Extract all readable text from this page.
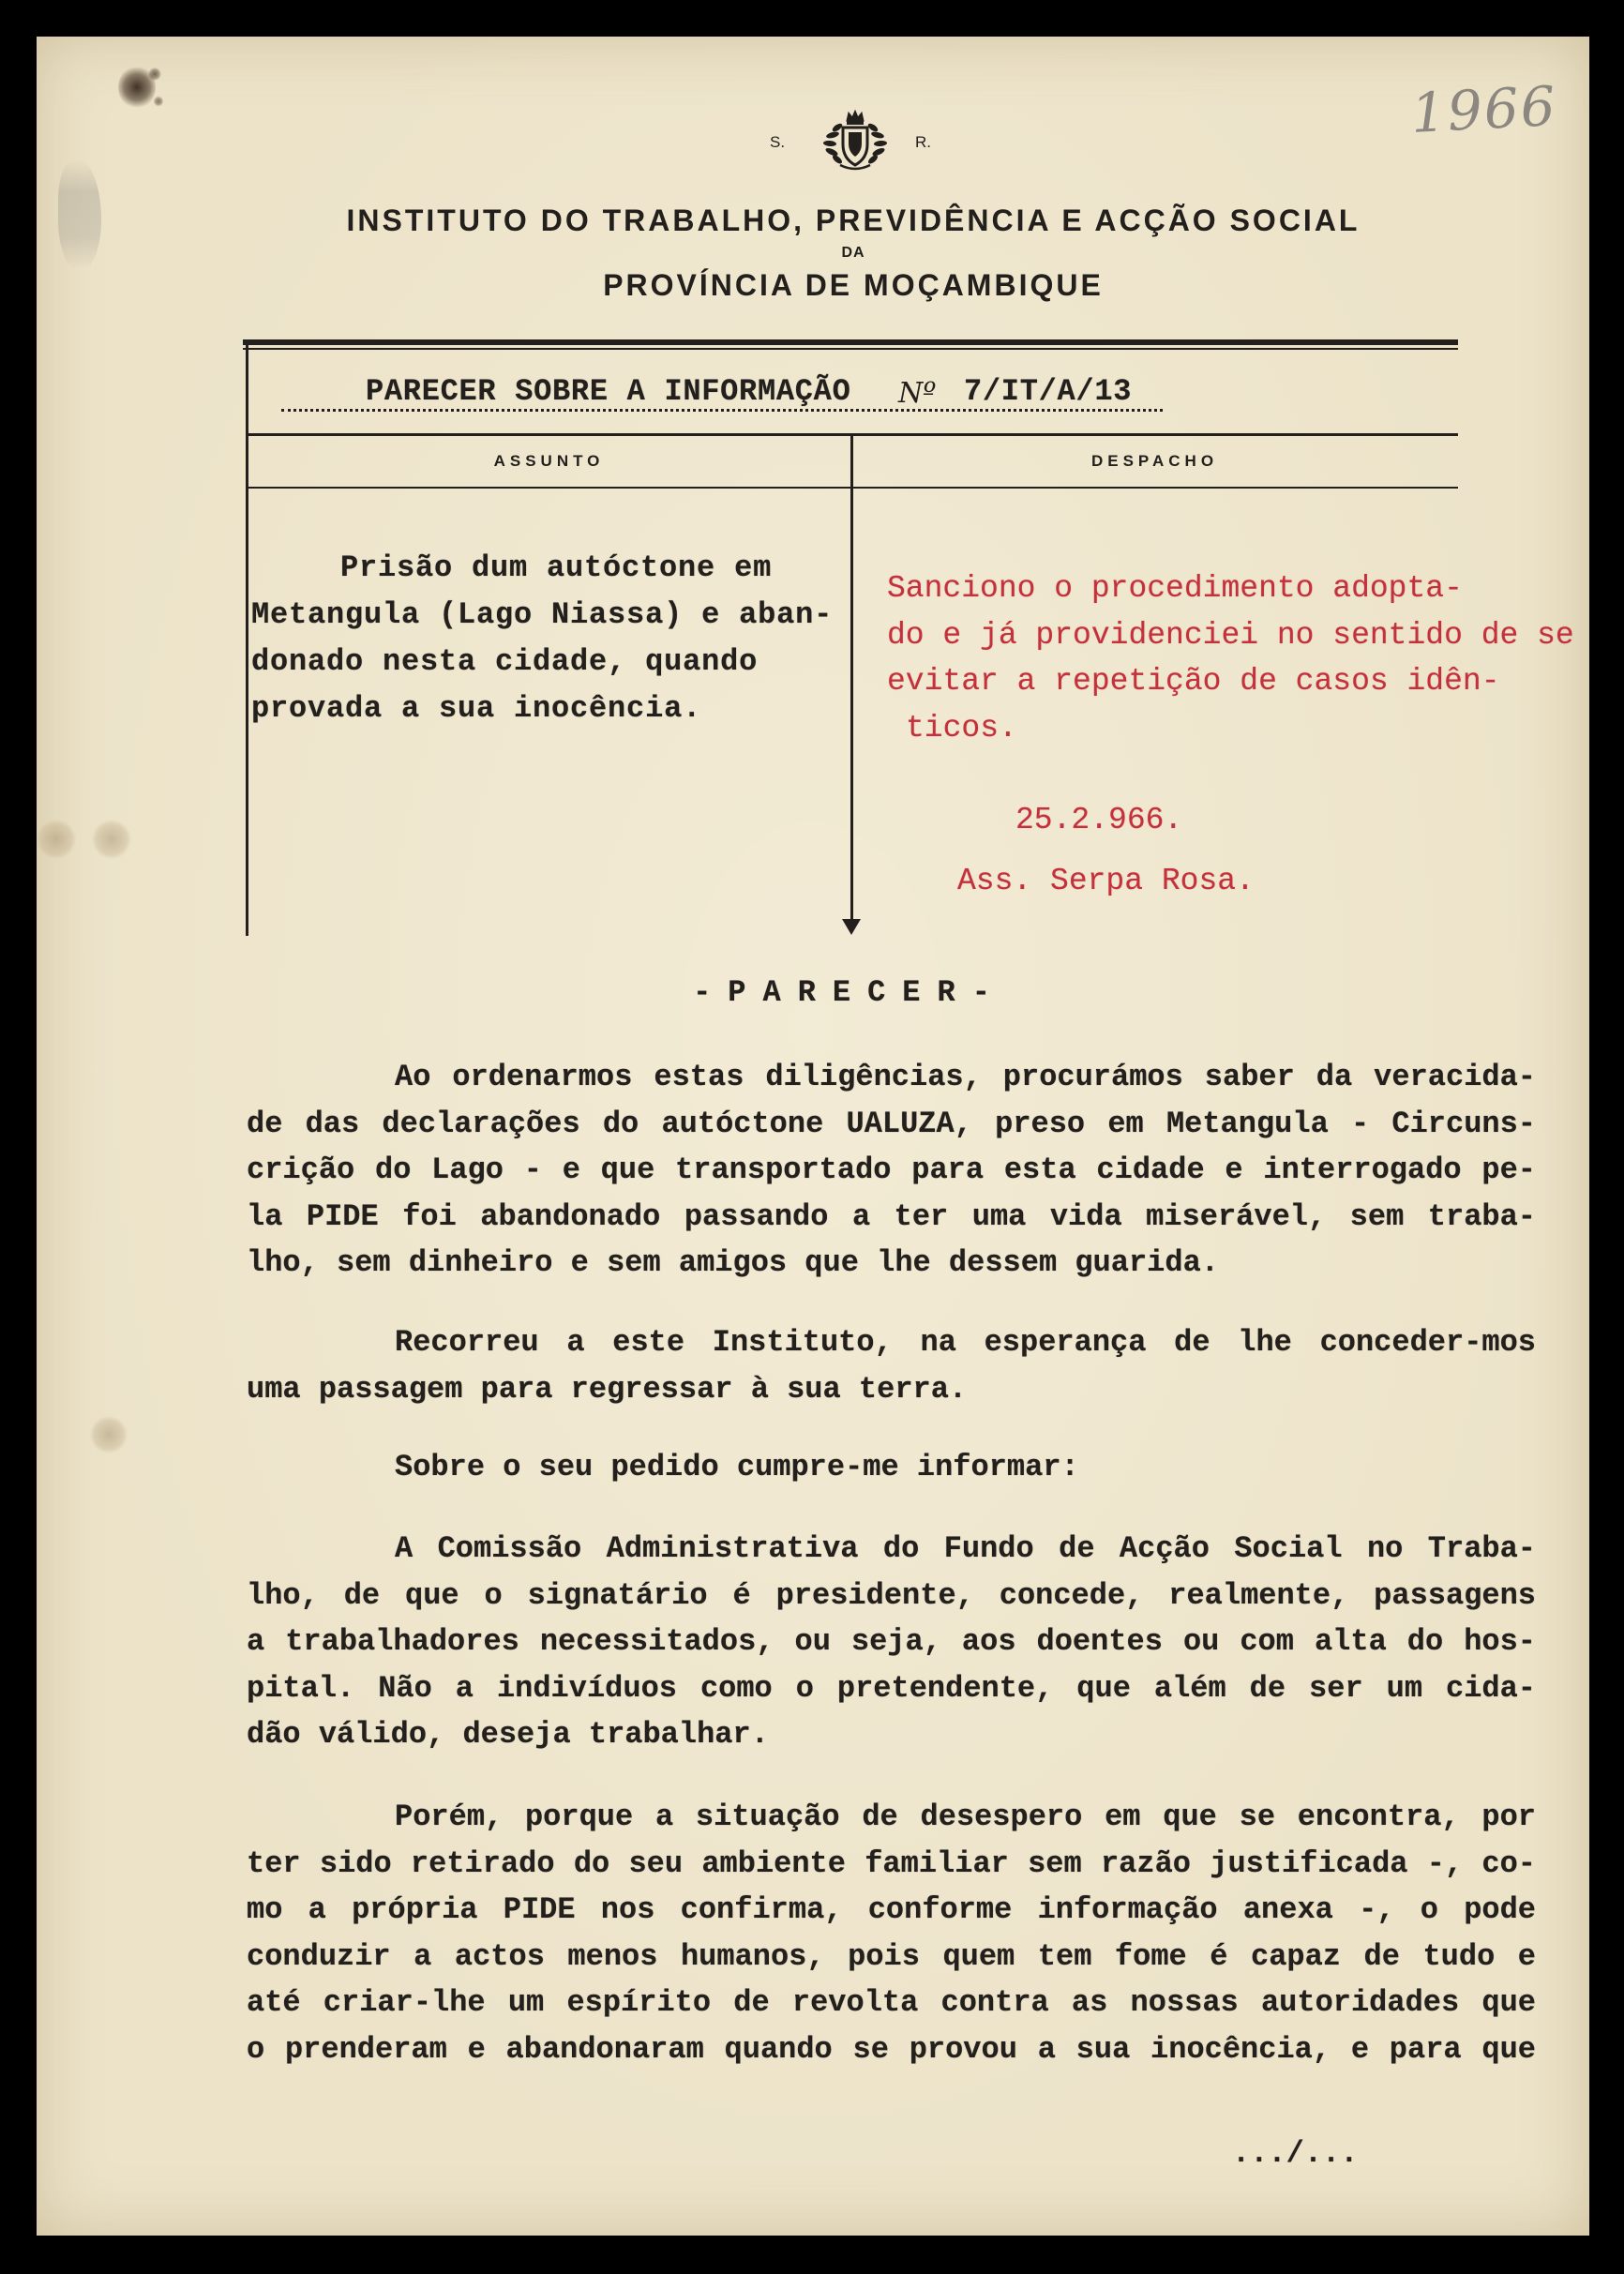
1966
S.	R.
INSTITUTO DO TRABALHO, PREVIDÊNCIA E ACÇÃO SOCIAL
DA
PROVÍNCIA DE MOÇAMBIQUE
PARECER SOBRE A INFORMAÇÃO Nº 7/IT/A/13
ASSUNTO	DESPACHO
Prisão dum autóctone em
Metangula (Lago Niassa) e aban-
donado nesta cidade, quando
provada a sua inocência.
Sanciono o procedimento adopta-
do e já providenciei no sentido de se
evitar a repetição de casos idên-
ticos.
25.2.966.
Ass. Serpa Rosa.
-PARECER-
Ao ordenarmos estas diligências, procurámos saber da veracida-
de das declarações do autóctone UALUZA, preso em Metangula - Circuns-
crição do Lago - e que transportado para esta cidade e interrogado pe-
la PIDE foi abandonado passando a ter uma vida miserável, sem traba-
lho, sem dinheiro e sem amigos que lhe dessem guarida.
Recorreu a este Instituto, na esperança de lhe conceder-mos
uma passagem para regressar à sua terra.
Sobre o seu pedido cumpre-me informar:
A Comissão Administrativa do Fundo de Acção Social no Traba-
lho, de que o signatário é presidente, concede, realmente, passagens
a trabalhadores necessitados, ou seja, aos doentes ou com alta do hos-
pital. Não a indivíduos como o pretendente, que além de ser um cida-
dão válido, deseja trabalhar.
Porém, porque a situação de desespero em que se encontra, por
ter sido retirado do seu ambiente familiar sem razão justificada -, co-
mo a própria PIDE nos confirma, conforme informação anexa -, o pode
conduzir a actos menos humanos, pois quem tem fome é capaz de tudo e
até criar-lhe um espírito de revolta contra as nossas autoridades que
o prenderam e abandonaram quando se provou a sua inocência, e para que
.../...
